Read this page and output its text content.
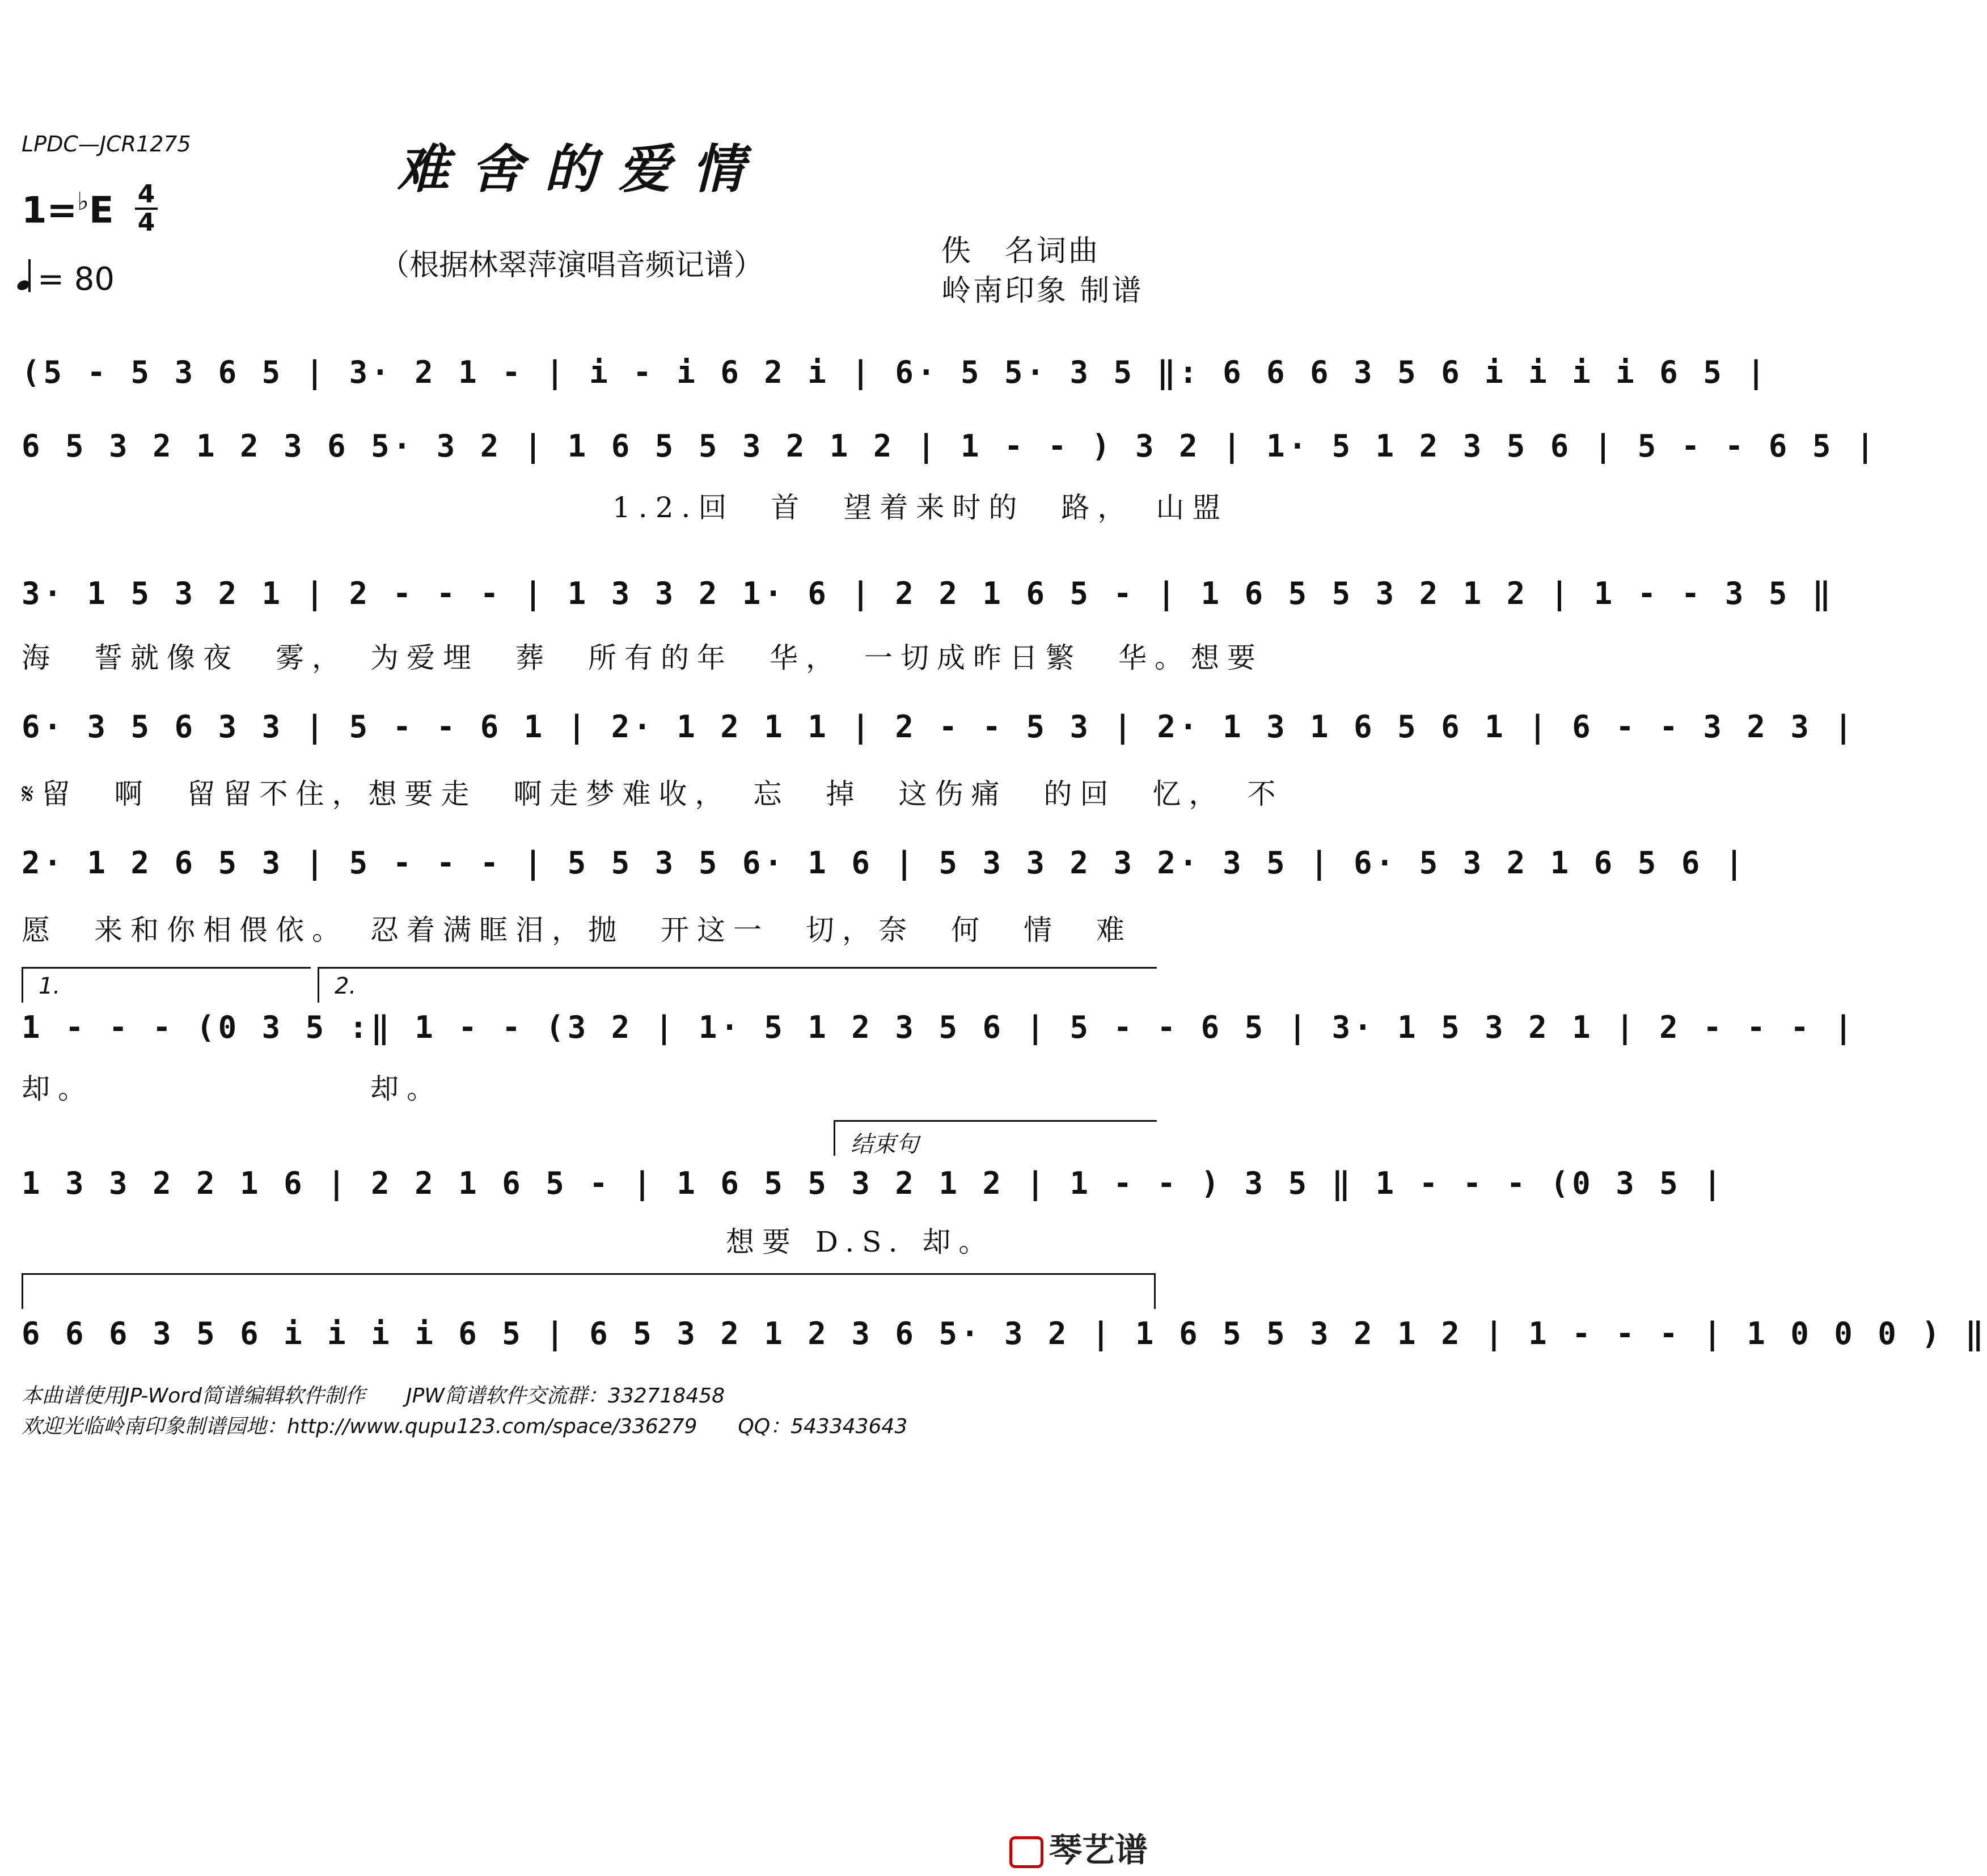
LPDC—JCR1275	难舍的爱情
（根据林翠萍演唱音频记谱）	佚　名词曲
岭南印象 制谱
1=♭E 4
4
= 80
(5 - 5 3 6 5 | 3· 2 1 - | i - i 6 2 i | 6· 5 5· 3 5 ‖: 6 6 6 3 5 6 i i i i 6 5 |
6 5 3 2 1 2 3 6 5· 3 2 | 1 6 5 5 3 2 1 2 | 1 - - ) 3 2 | 1· 5 1 2 3 5 6 | 5 - - 6 5 |
1.2.回　首　望着来时的　路，　山盟
3· 1 5 3 2 1 | 2 - - - | 1 3 3 2 1· 6 | 2 2 1 6 5 - | 1 6 5 5 3 2 1 2 | 1 - - 3 5 ‖
海　誓就像夜　雾，　为爱埋　葬　所有的年　华，　一切成昨日繁　华。想要
6· 3 5 6 3 3 | 5 - - 6 1 | 2· 1 2 1 1 | 2 - - 5 3 | 2· 1 3 1 6 5 6 1 | 6 - - 3 2 3 |
𝄋留　啊　留留不住，想要走　啊走梦难收，　忘　掉　这伤痛　的回　忆，　不
2· 1 2 6 5 3 | 5 - - - | 5 5 3 5 6· 1 6 | 5 3 3 2 3 2· 3 5 | 6· 5 3 2 1 6 5 6 |
愿　来和你相偎依。　忍着满眶泪，抛　开这一　切，奈　何　情　难
1.	2.
1 - - - (0 3 5 :‖ 1 - - (3 2 | 1· 5 1 2 3 5 6 | 5 - - 6 5 | 3· 1 5 3 2 1 | 2 - - - |
却。　　　　　　　　却。
结束句
1 3 3 2 2 1 6 | 2 2 1 6 5 - | 1 6 5 5 3 2 1 2 | 1 - - ) 3 5 ‖ 1 - - - (0 3 5 |
想要 D.S. 却。
6 6 6 3 5 6 i i i i 6 5 | 6 5 3 2 1 2 3 6 5· 3 2 | 1 6 5 5 3 2 1 2 | 1 - - - | 1 0 0 0 ) ‖
本曲谱使用JP-Word简谱编辑软件制作　　JPW简谱软件交流群：332718458
欢迎光临岭南印象制谱园地：http://www.qupu123.com/space/336279　　QQ：543343643
琴艺谱
